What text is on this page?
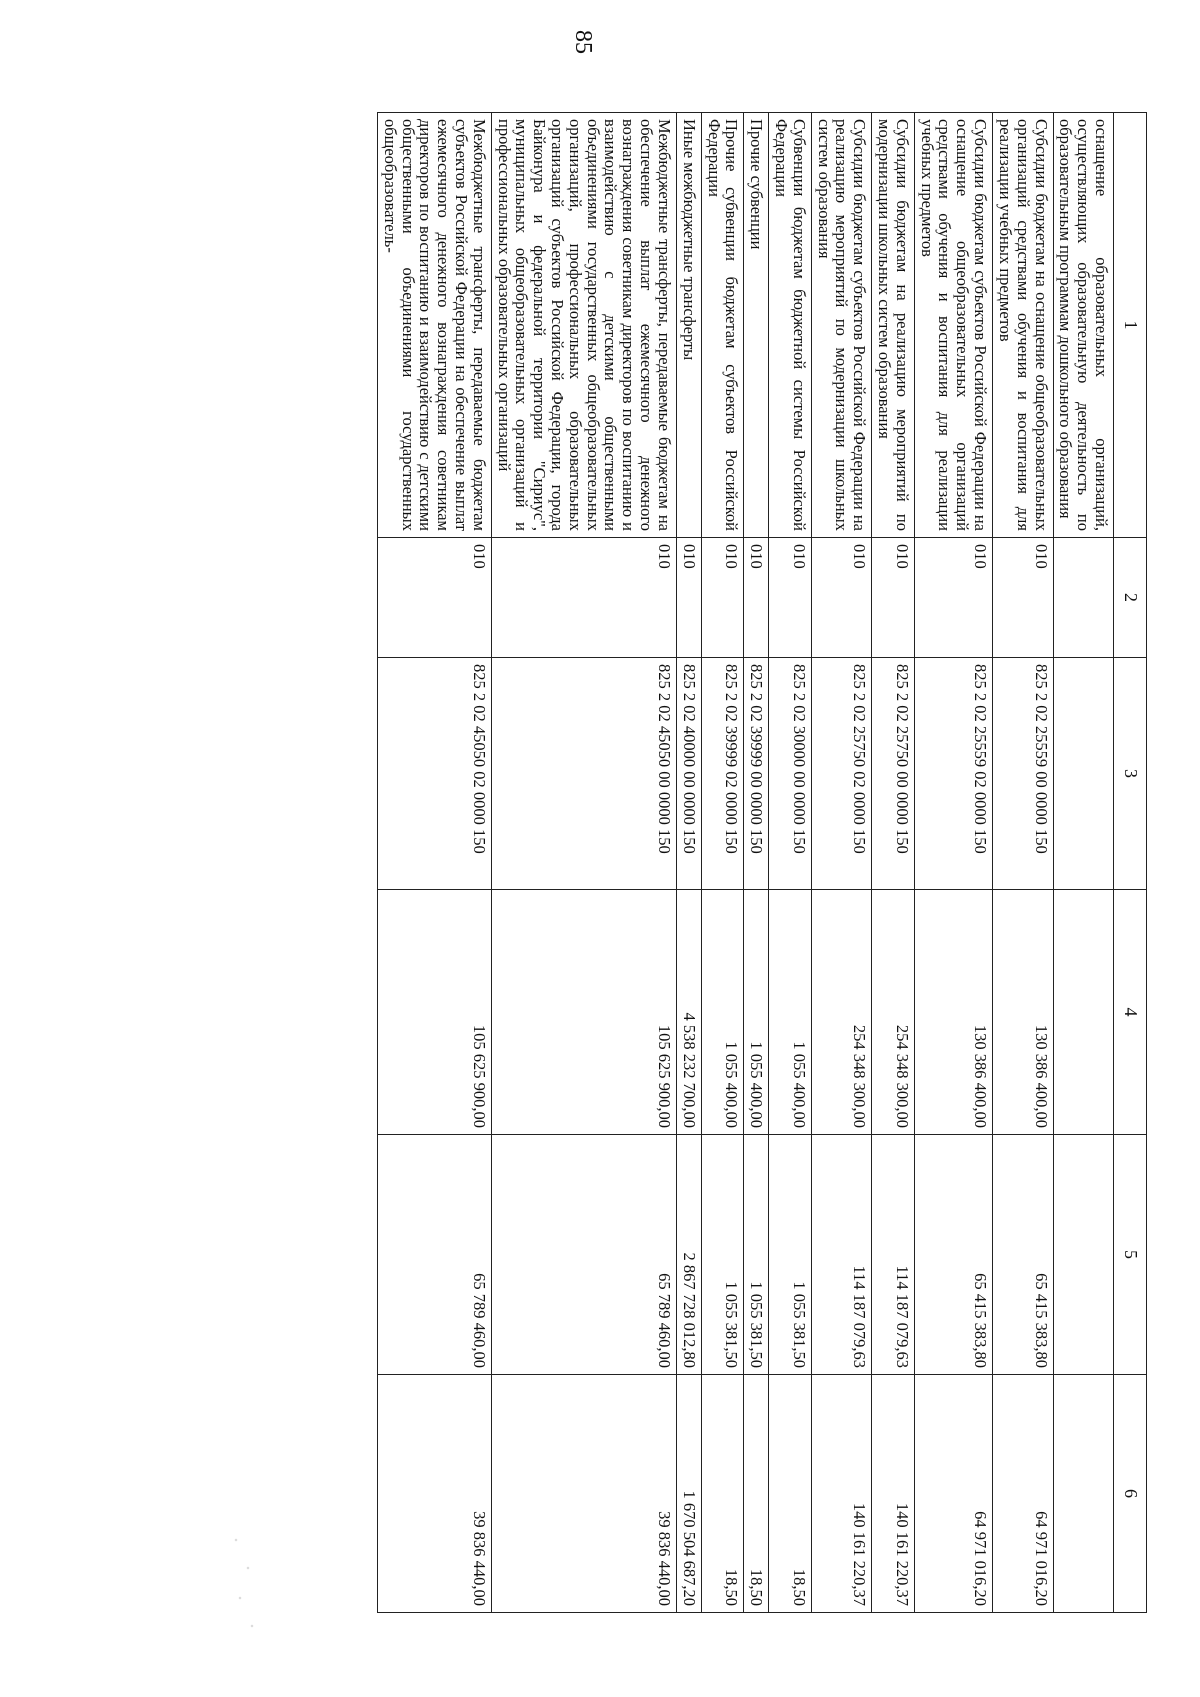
85
1	2	3	4	5	6
оснащение образовательных организаций, осуществляющих образовательную деятельность по образовательным программам дошкольного образования					
Субсидии бюджетам на оснащение общеобразовательных организаций средствами обучения и воспитания для реализации учебных предметов	010	825 2 02 25559 00 0000 150	130 386 400,00	65 415 383,80	64 971 016,20
Субсидии бюджетам субъектов Российской Федерации на оснащение общеобразовательных организаций средствами обучения и воспитания для реализации учебных предметов	010	825 2 02 25559 02 0000 150	130 386 400,00	65 415 383,80	64 971 016,20
Субсидии бюджетам на реализацию мероприятий по модернизации школьных систем образования	010	825 2 02 25750 00 0000 150	254 348 300,00	114 187 079,63	140 161 220,37
Субсидии бюджетам субъектов Российской Федерации на реализацию мероприятий по модернизации школьных систем образования	010	825 2 02 25750 02 0000 150	254 348 300,00	114 187 079,63	140 161 220,37
Субвенции бюджетам бюджетной системы Российской Федерации	010	825 2 02 30000 00 0000 150	1 055 400,00	1 055 381,50	18,50
Прочие субвенции	010	825 2 02 39999 00 0000 150	1 055 400,00	1 055 381,50	18,50
Прочие субвенции бюджетам субъектов Российской Федерации	010	825 2 02 39999 02 0000 150	1 055 400,00	1 055 381,50	18,50
Иные межбюджетные трансферты	010	825 2 02 40000 00 0000 150	4 538 232 700,00	2 867 728 012,80	1 670 504 687,20
Межбюджетные трансферты, передаваемые бюджетам на обеспечение выплат ежемесячного денежного вознаграждения советникам директоров по воспитанию и взаимодействию с детскими общественными объединениями государственных общеобразовательных организаций, профессиональных образовательных организаций субъектов Российской Федерации, города Байконура и федеральной территории "Сириус", муниципальных общеобразовательных организаций и профессиональных образовательных организаций	010	825 2 02 45050 00 0000 150	105 625 900,00	65 789 460,00	39 836 440,00
Межбюджетные трансферты, передаваемые бюджетам субъектов Российской Федерации на обеспечение выплат ежемесячного денежного вознаграждения советникам директоров по воспитанию и взаимодействию с детскими общественными объединениями государственных общеобразователь-	010	825 2 02 45050 02 0000 150	105 625 900,00	65 789 460,00	39 836 440,00
